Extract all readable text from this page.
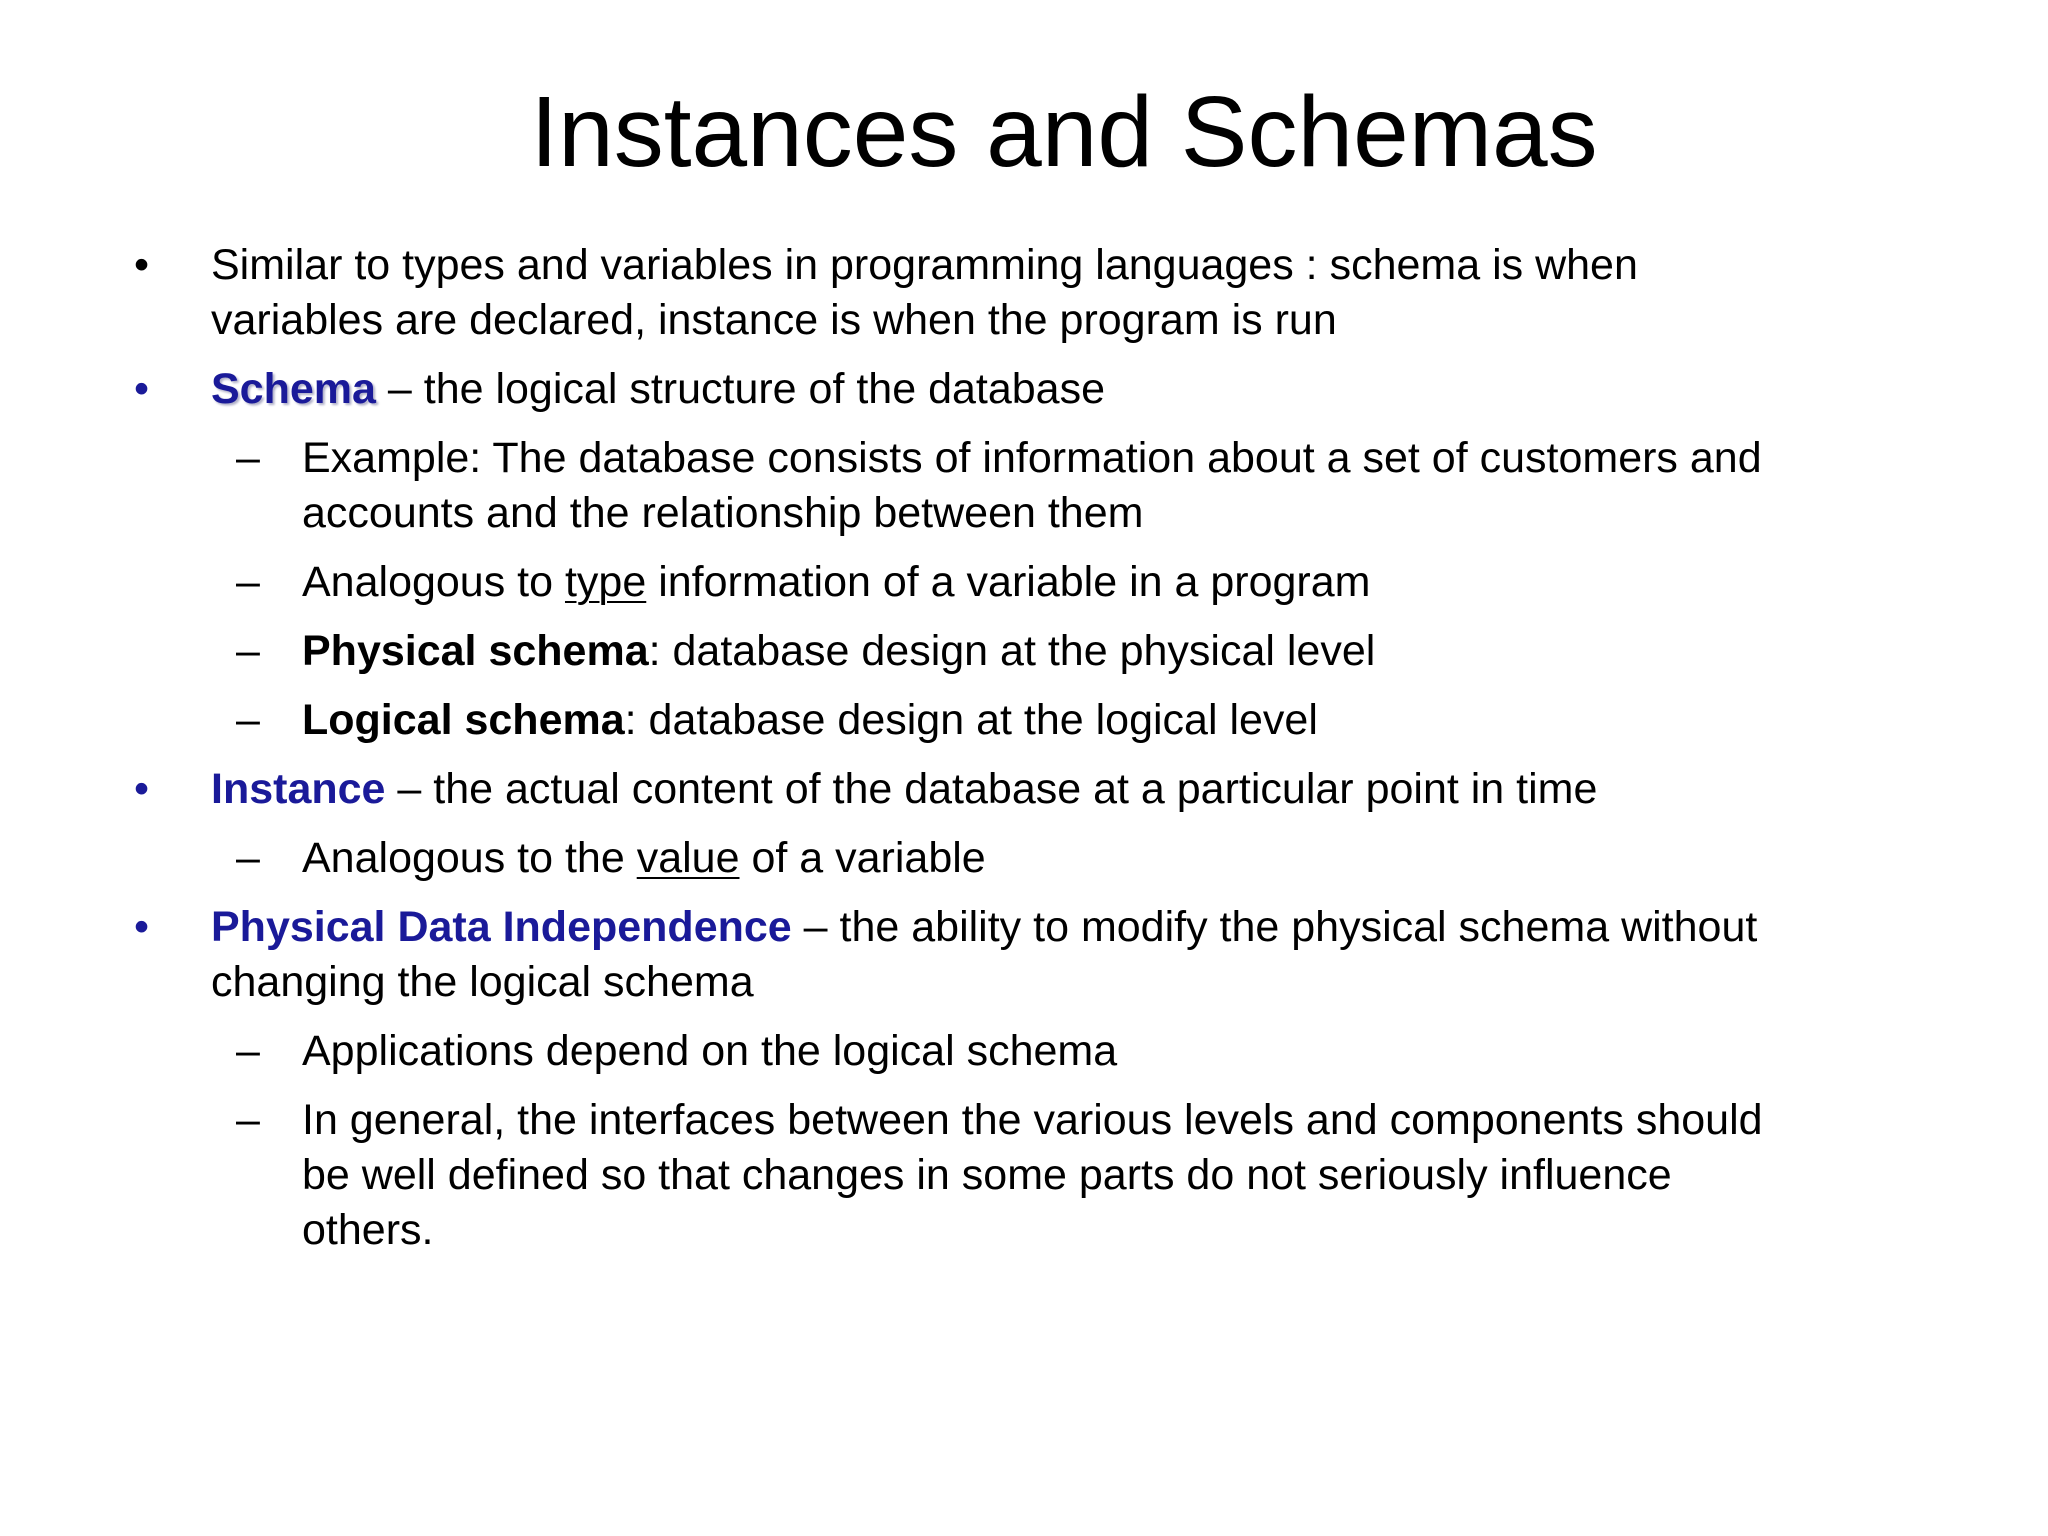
Instances and Schemas
• Similar to types and variables in programming languages : schema is when
variables are declared, instance is when the program is run
• Schema – the logical structure of the database
– Example: The database consists of information about a set of customers and
accounts and the relationship between them
– Analogous to type information of a variable in a program
– Physical schema: database design at the physical level
– Logical schema: database design at the logical level
• Instance – the actual content of the database at a particular point in time
– Analogous to the value of a variable
• Physical Data Independence – the ability to modify the physical schema without
changing the logical schema
– Applications depend on the logical schema
– In general, the interfaces between the various levels and components should
be well defined so that changes in some parts do not seriously influence
others.
